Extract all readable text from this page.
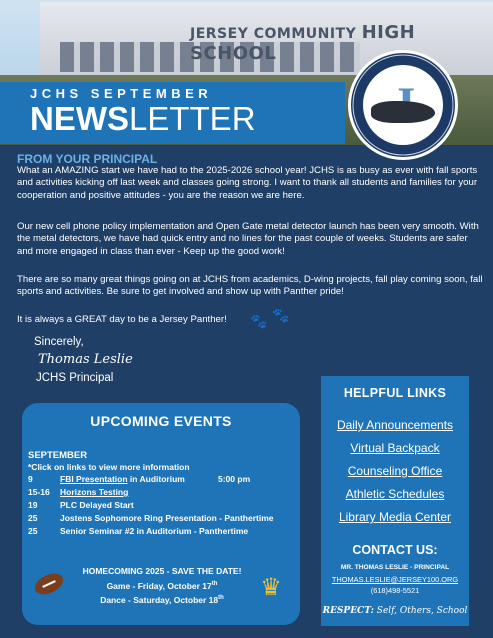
JERSEY COMMUNITY HIGH SCHOOL
JCHS SEPTEMBER
NEWSLETTER
FROM YOUR PRINCIPAL
What an AMAZING start we have had to the 2025-2026 school year! JCHS is as busy as ever with fall sports and activities kicking off last week and classes going strong. I want to thank all students and families for your cooperation and positive attitudes - you are the reason we are here.
Our new cell phone policy implementation and Open Gate metal detector launch has been very smooth. With the metal detectors, we have had quick entry and no lines for the past couple of weeks. Students are safer and more engaged in class than ever - Keep up the good work!
There are so many great things going on at JCHS from academics, D-wing projects, fall play coming soon, fall sports and activities. Be sure to get involved and show up with Panther pride!
It is always a GREAT day to be a Jersey Panther!	🐾 🐾
Sincerely,
Thomas Leslie
JCHS Principal
UPCOMING EVENTS
SEPTEMBER
*Click on links to view more information
9	FBI Presentation in Auditorium	5:00 pm
15-16 Horizons Testing
19	PLC Delayed Start
25	Jostens Sophomore Ring Presentation - Panthertime
25	Senior Seminar #2 in Auditorium - Panthertime
HOMECOMING 2025 - SAVE THE DATE!
Game - Friday, October 17th
Dance - Saturday, October 18th	♛
HELPFUL LINKS
Daily Announcements
Virtual Backpack
Counseling Office
Athletic Schedules
Library Media Center
CONTACT US:
MR. THOMAS LESLIE - PRINCIPAL
THOMAS.LESLIE@JERSEY100.ORG
(618)498-5521
RESPECT: Self, Others, School
